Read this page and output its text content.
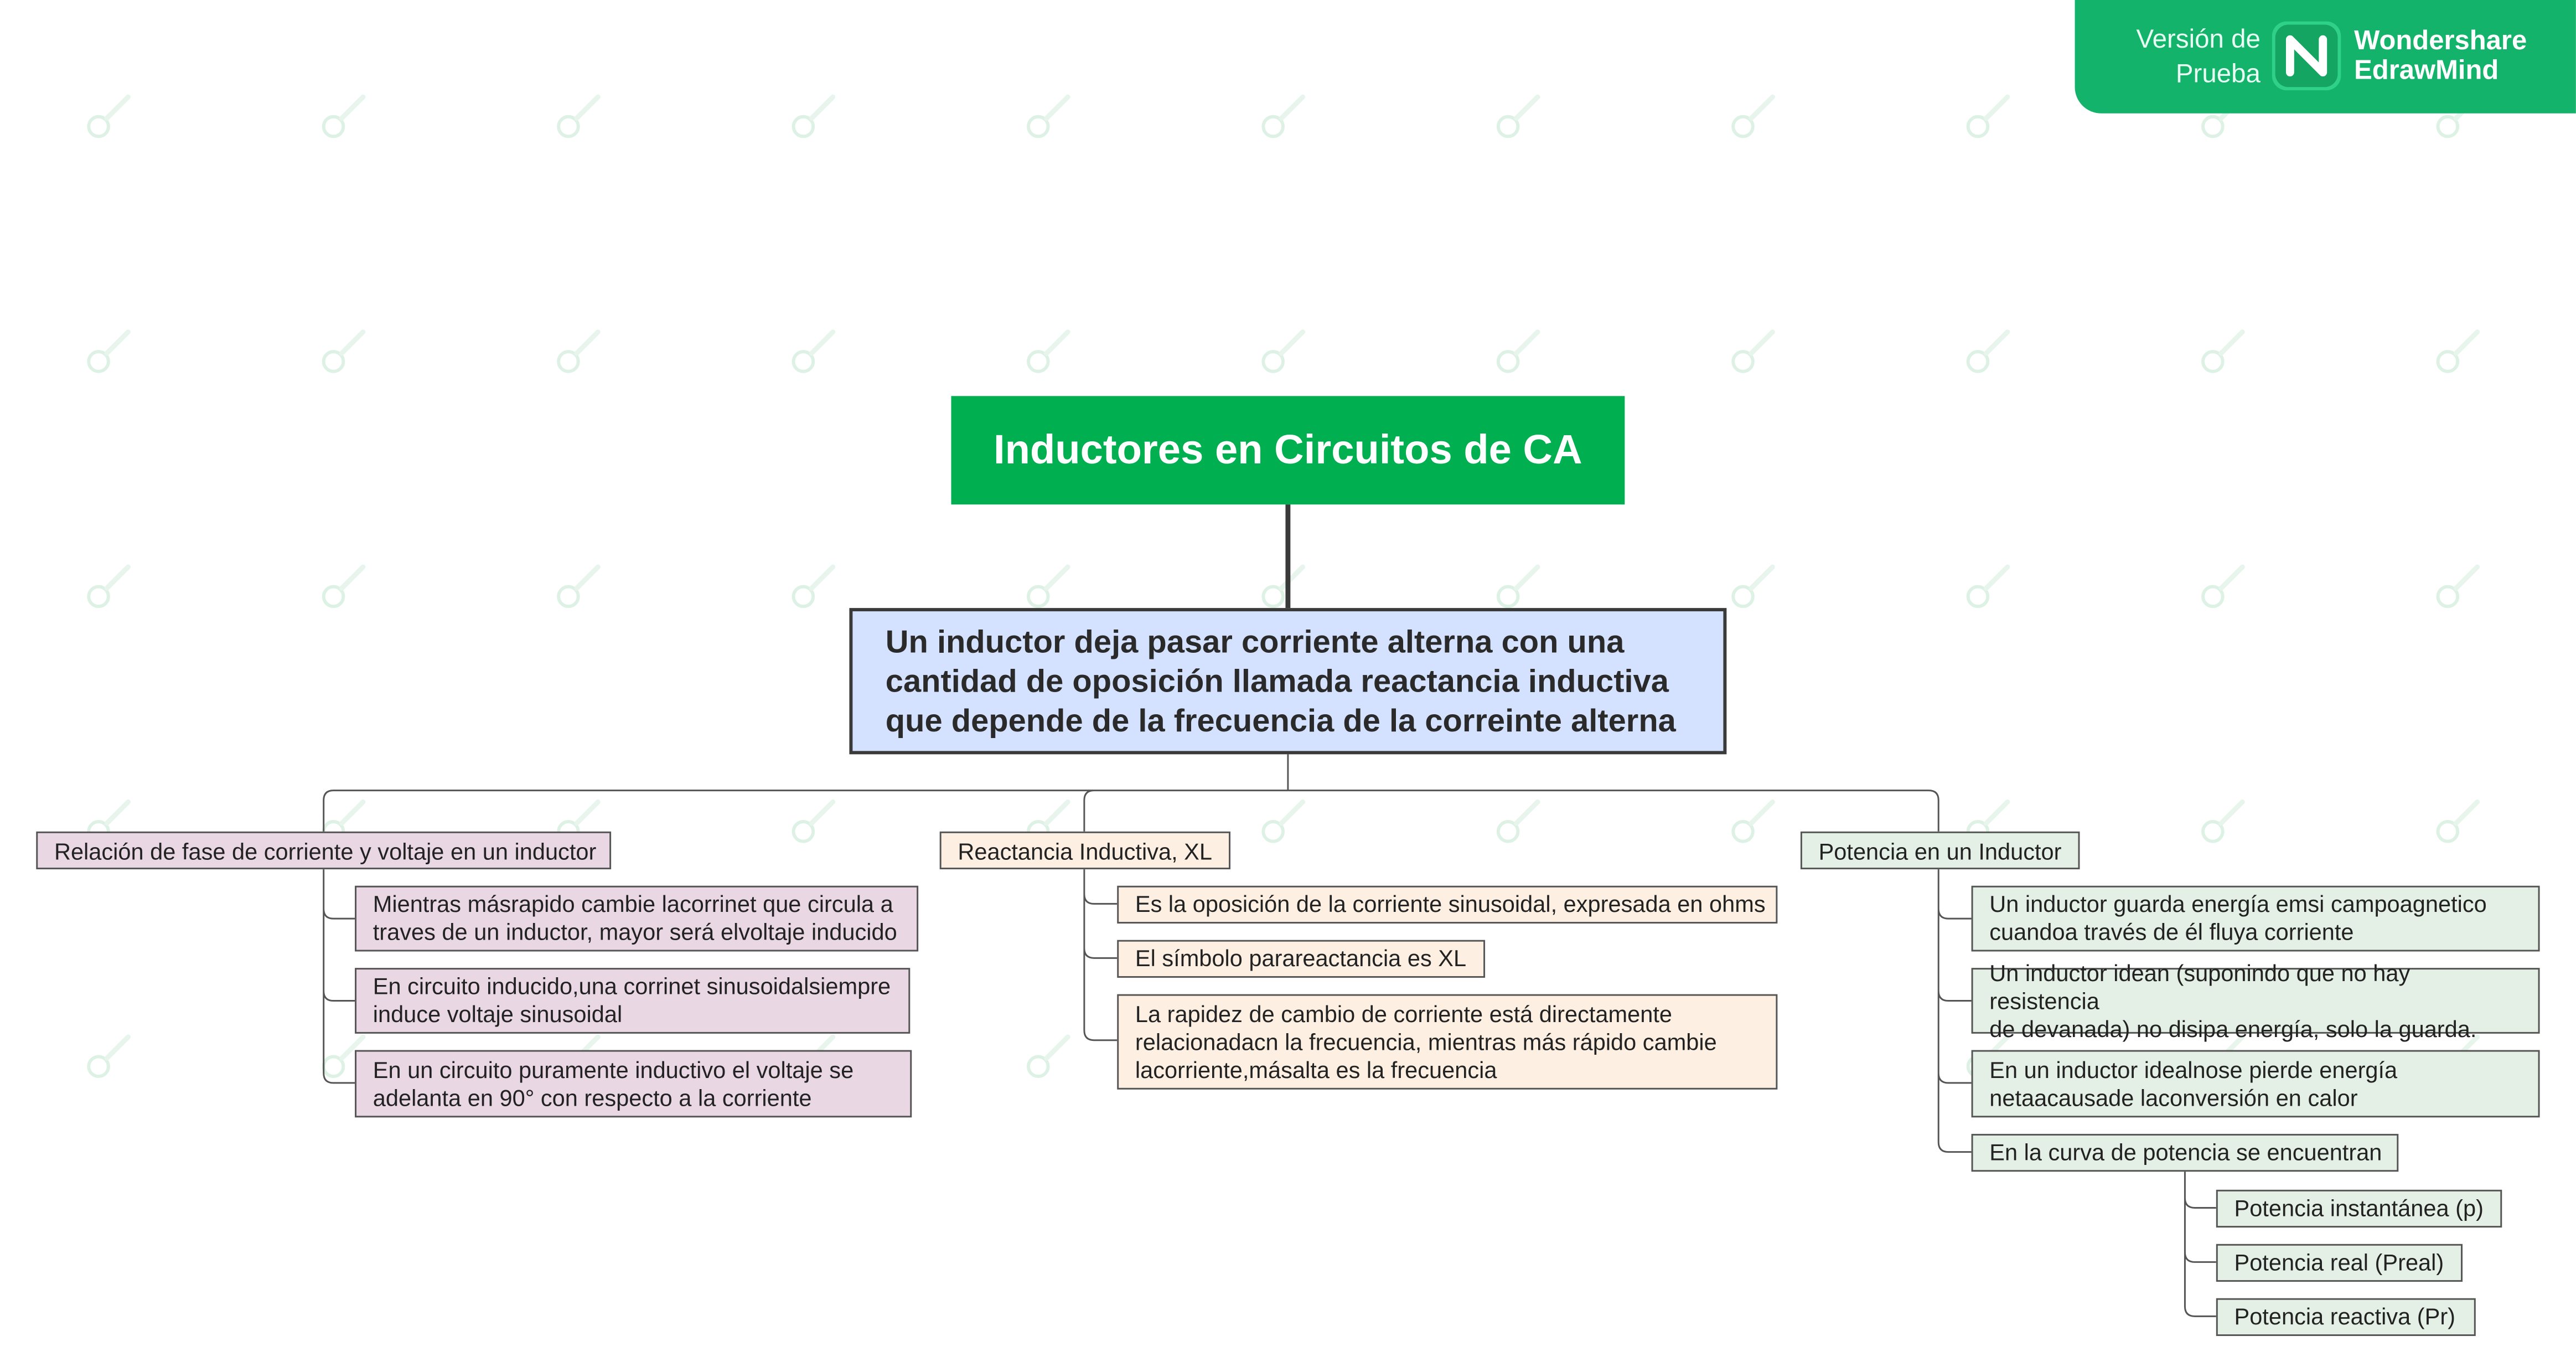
Inductores en Circuitos de CA
Un inductor deja pasar corriente alterna con una
cantidad de oposición llamada reactancia inductiva
que depende de la frecuencia de la correinte alterna
Relación de fase de corriente y voltaje en un inductor
Mientras másrapido cambie lacorrinet que circula a
traves de un inductor, mayor será elvoltaje inducido
En circuito inducido,una corrinet sinusoidalsiempre
induce voltaje sinusoidal
En un circuito puramente inductivo el voltaje se
adelanta en 90° con respecto a la corriente
Reactancia Inductiva, XL
Es la oposición de la corriente sinusoidal, expresada en ohms
El símbolo parareactancia es XL
La rapidez de cambio de corriente está directamente
relacionadacn la frecuencia, mientras más rápido cambie
lacorriente,másalta es la frecuencia
Potencia en un Inductor
Un inductor guarda energía emsi campoagnetico
cuandoa través de él fluya corriente
Un inductor idean (suponindo que no hay resistencia
de devanada) no disipa energía, solo la guarda.
En un inductor idealnose pierde energía
netaacausade laconversión en calor
En la curva de potencia se encuentran
Potencia instantánea (p)
Potencia real (Preal)
Potencia reactiva (Pr)
Versión de
Prueba
Wondershare
EdrawMind
